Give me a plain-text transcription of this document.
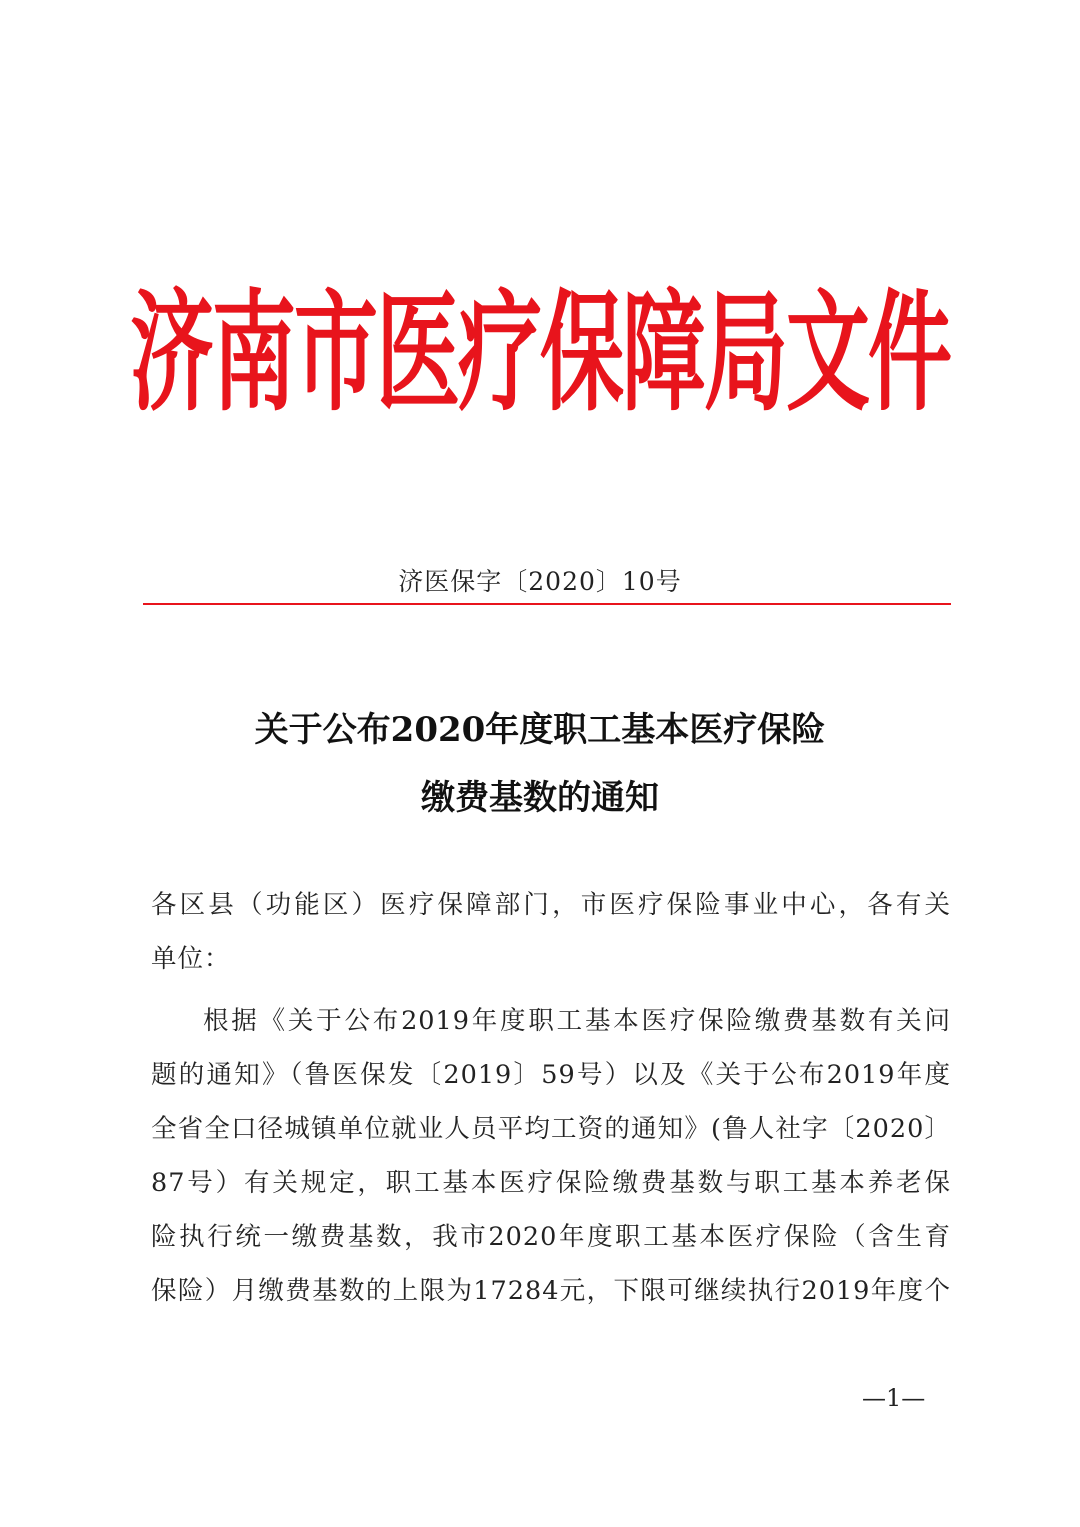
济南市医疗保障局文件
济医保字〔2020〕10号
关于公布2020年度职工基本医疗保险
缴费基数的通知
各区县（功能区）医疗保障部门，市医疗保险事业中心，各有关
单位：
根据《关于公布2019年度职工基本医疗保险缴费基数有关问
题的通知》（鲁医保发〔2019〕59号）以及《关于公布2019年度
全省全口径城镇单位就业人员平均工资的通知》(鲁人社字〔2020〕
87号）有关规定，职工基本医疗保险缴费基数与职工基本养老保
险执行统一缴费基数，我市2020年度职工基本医疗保险（含生育
保险）月缴费基数的上限为17284元，下限可继续执行2019年度个
—1—
